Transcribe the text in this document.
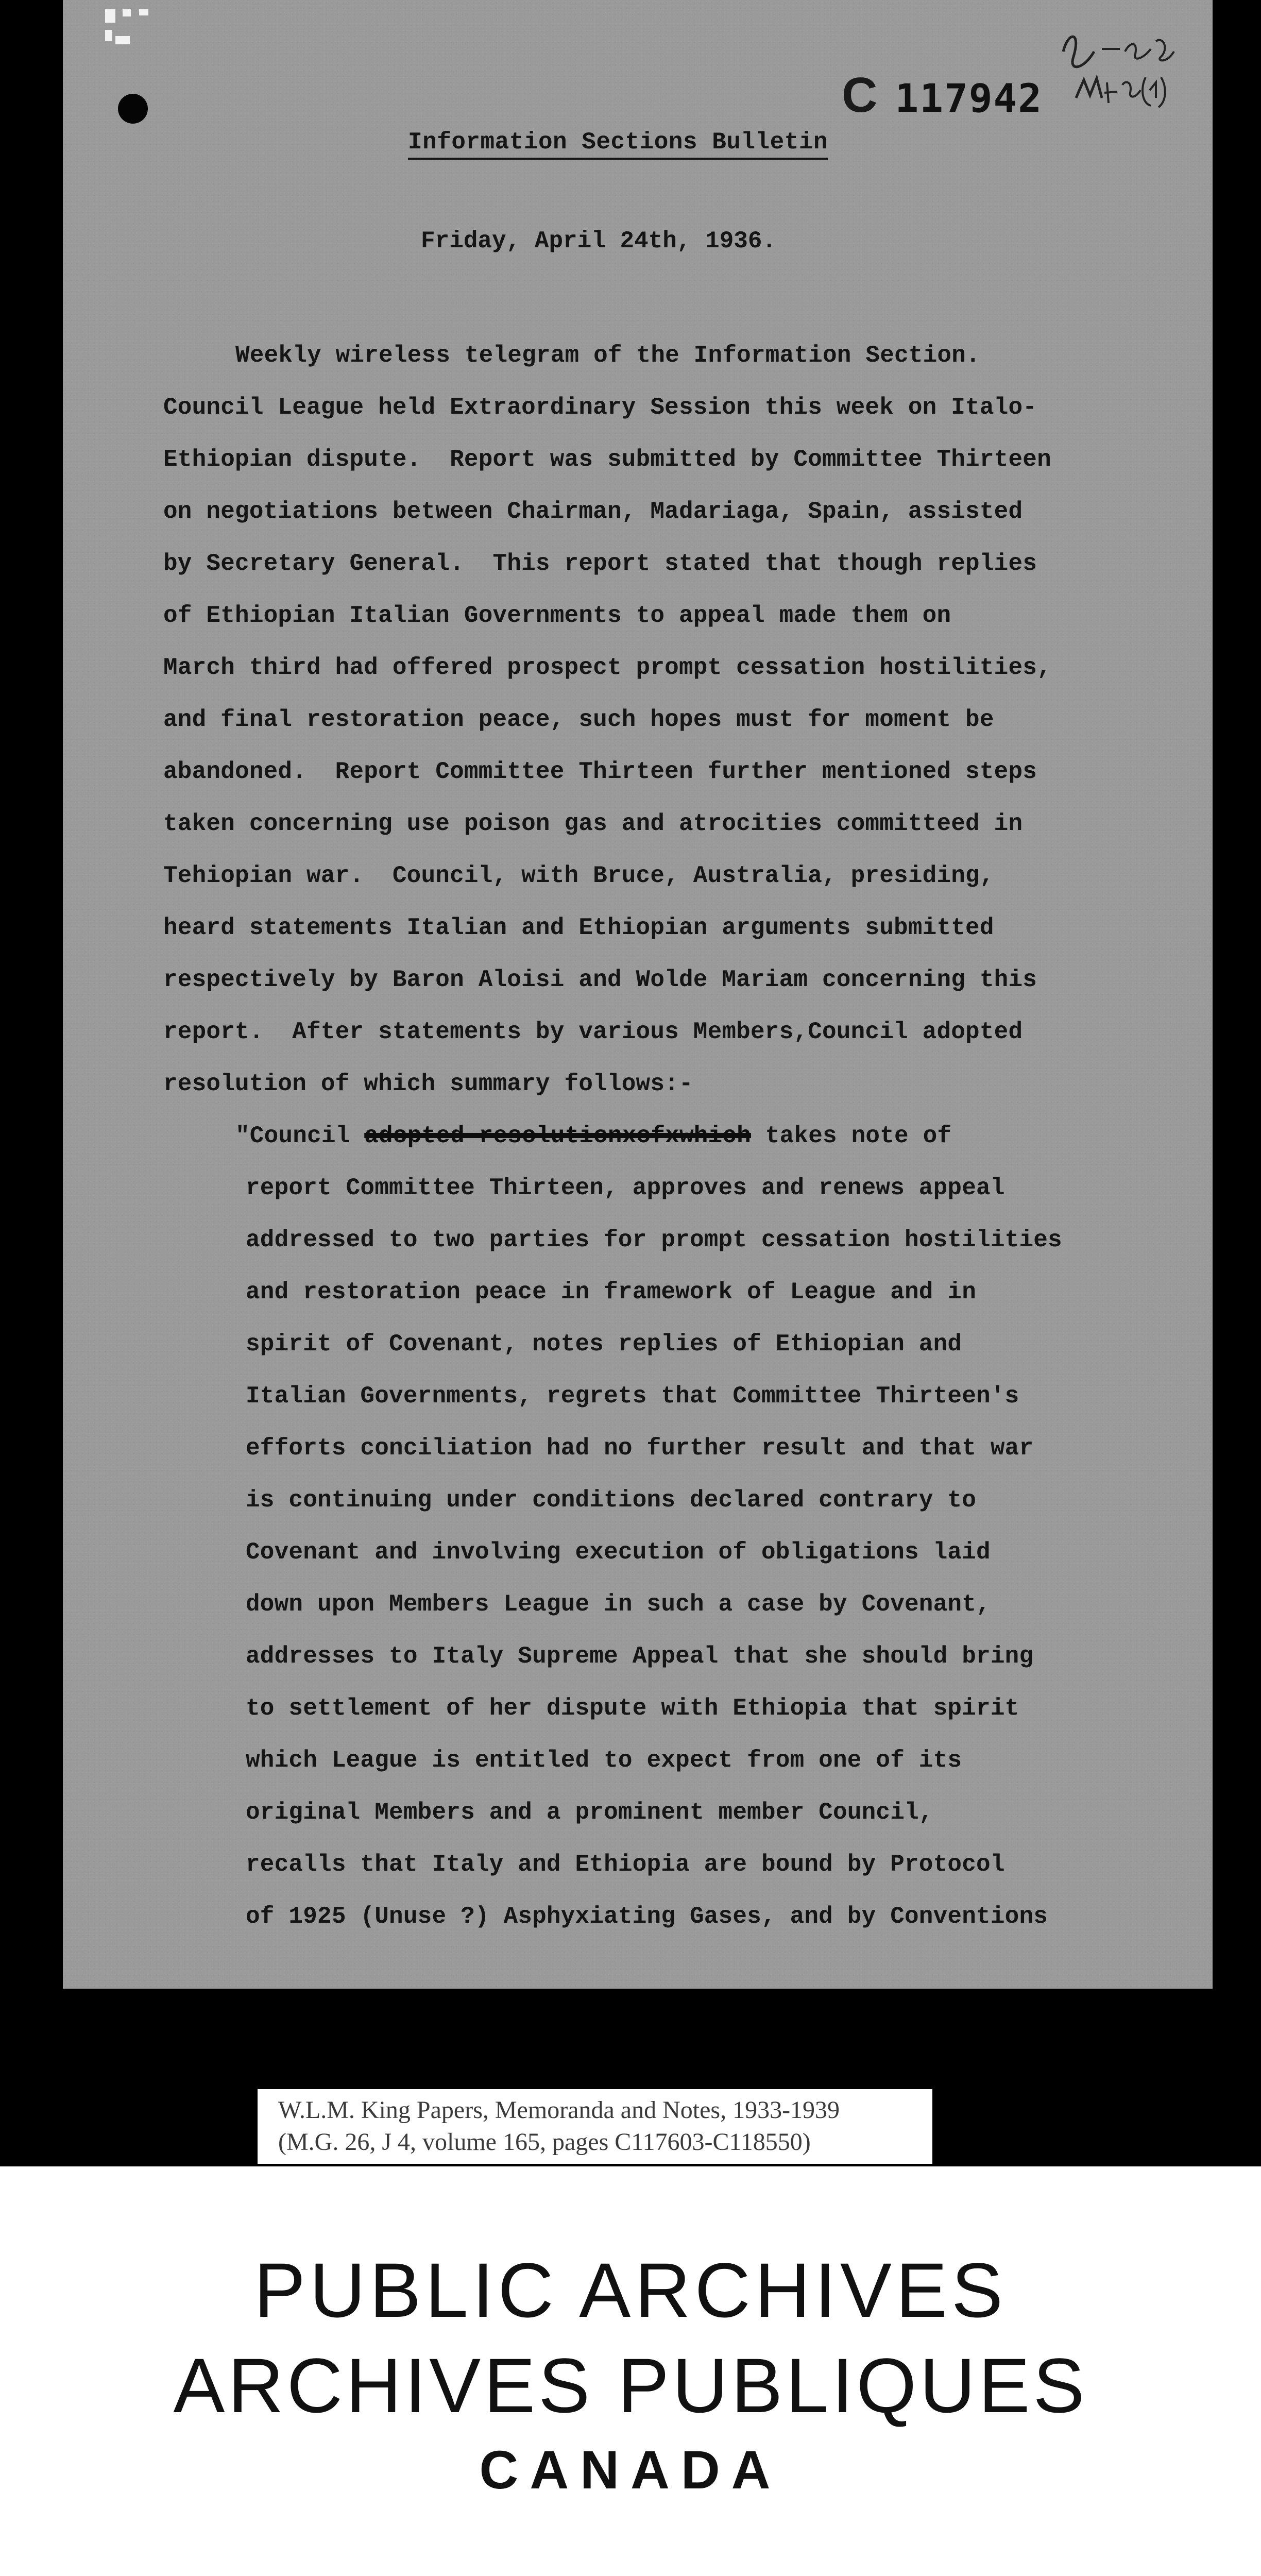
C 117942
Information Sections Bulletin
Friday, April 24th, 1936.
Weekly wireless telegram of the Information Section.
Council League held Extraordinary Session this week on Italo-
Ethiopian dispute.  Report was submitted by Committee Thirteen
on negotiations between Chairman, Madariaga, Spain, assisted
by Secretary General.  This report stated that though replies
of Ethiopian Italian Governments to appeal made them on
March third had offered prospect prompt cessation hostilities,
and final restoration peace, such hopes must for moment be
abandoned.  Report Committee Thirteen further mentioned steps
taken concerning use poison gas and atrocities committeed in
Tehiopian war.  Council, with Bruce, Australia, presiding,
heard statements Italian and Ethiopian arguments submitted
respectively by Baron Aloisi and Wolde Mariam concerning this
report.  After statements by various Members,Council adopted
resolution of which summary follows:-
"Council adopted resolutionxofxwhich takes note of
report Committee Thirteen, approves and renews appeal
addressed to two parties for prompt cessation hostilities
and restoration peace in framework of League and in
spirit of Covenant, notes replies of Ethiopian and
Italian Governments, regrets that Committee Thirteen's
efforts conciliation had no further result and that war
is continuing under conditions declared contrary to
Covenant and involving execution of obligations laid
down upon Members League in such a case by Covenant,
addresses to Italy Supreme Appeal that she should bring
to settlement of her dispute with Ethiopia that spirit
which League is entitled to expect from one of its
original Members and a prominent member Council,
recalls that Italy and Ethiopia are bound by Protocol
of 1925 (Unuse ?) Asphyxiating Gases, and by Conventions
W.L.M. King Papers, Memoranda and Notes, 1933-1939
(M.G. 26, J 4, volume 165, pages C117603-C118550)
PUBLIC ARCHIVES
ARCHIVES PUBLIQUES
CANADA
